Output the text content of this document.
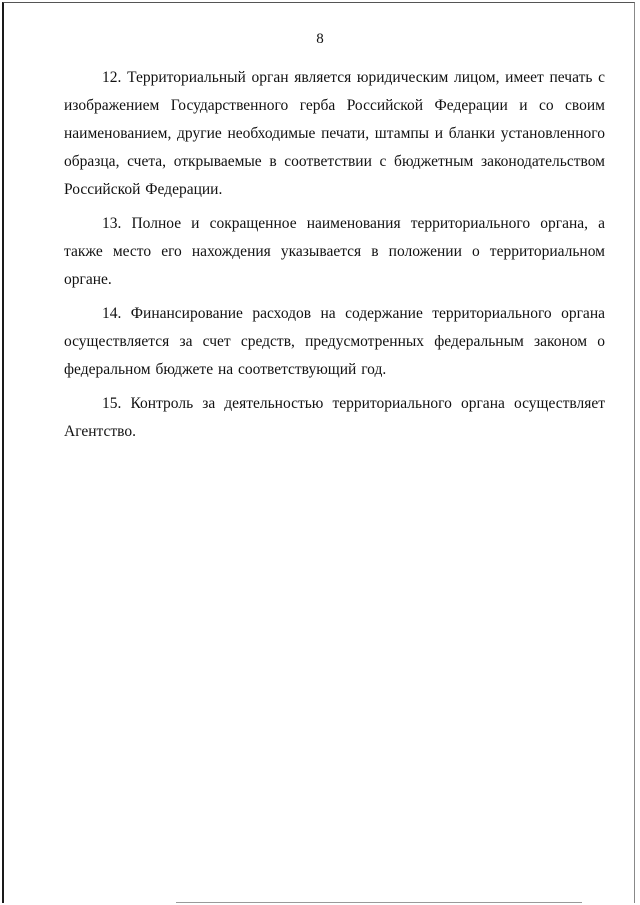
8

12. Территориальный орган является юридическим лицом, имеет печать с изображением Государственного герба Российской Федерации и со своим наименованием, другие необходимые печати, штампы и бланки установленного образца, счета, открываемые в соответствии с бюджетным законодательством Российской Федерации.

13. Полное и сокращенное наименования территориального органа, а также место его нахождения указывается в положении о территориальном органе.

14. Финансирование расходов на содержание территориального органа осуществляется за счет средств, предусмотренных федеральным законом о федеральном бюджете на соответствующий год.

15. Контроль за деятельностью территориального органа осуществляет Агентство.
